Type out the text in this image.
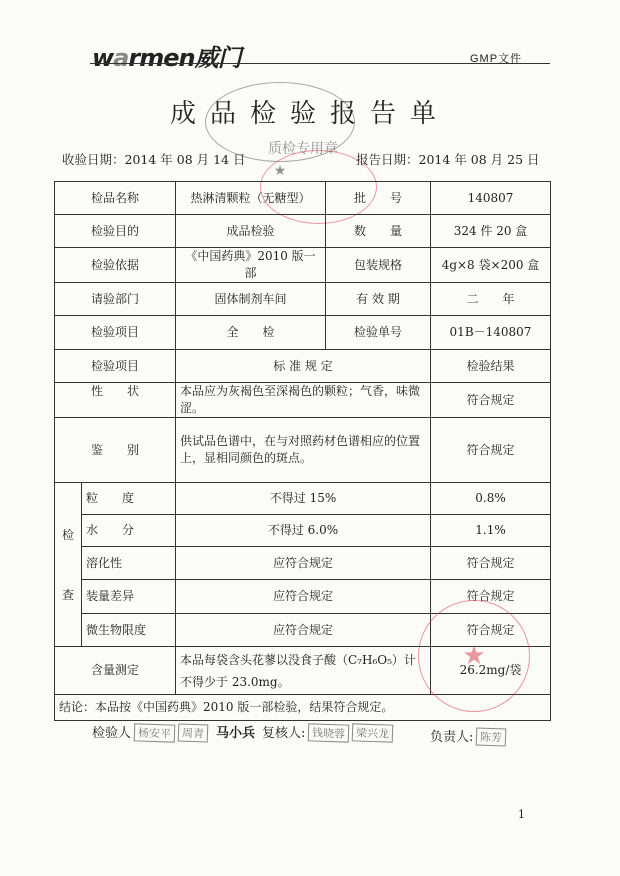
warmen威门	GMP文件
★
成品检验报告单
质检专用章
收验日期：2014 年 08 月 14 日	报告日期：2014 年 08 月 25 日
检品名称		热淋清颗粒（无糖型）	批　　号	140807
检验目的		成品检验	数　　量	324 件 20 盒
检验依据		《中国药典》2010 版一部	包装规格	4g×8 袋×200 盒
请验部门		固体制剂车间	有 效 期	二　　年
检验项目		全　　检	检验单号	01B－140807
检验项目		标 准 规 定		检验结果
性　　状		本品应为灰褐色至深褐色的颗粒；气香，味微涩。		符合规定
鉴　　别		供试品色谱中，在与对照药材色谱相应的位置上，显相同颜色的斑点。		符合规定
检
查	粒　　度	不得过 15%		0.8%
	水　　分	不得过 6.0%		1.1%
	溶化性	应符合规定		符合规定
	装量差异	应符合规定		符合规定
	微生物限度	应符合规定		符合规定
含量测定		本品每袋含头花蓼以没食子酸（C₇H₆O₅）计不得少于 23.0mg。		26.2mg/袋
结论：本品按《中国药典》2010 版一部检验，结果符合规定。				
★
检验人 杨安平 周青 马小兵 复核人: 钱晓蓉 梁兴龙	负责人: 陈芳
1
